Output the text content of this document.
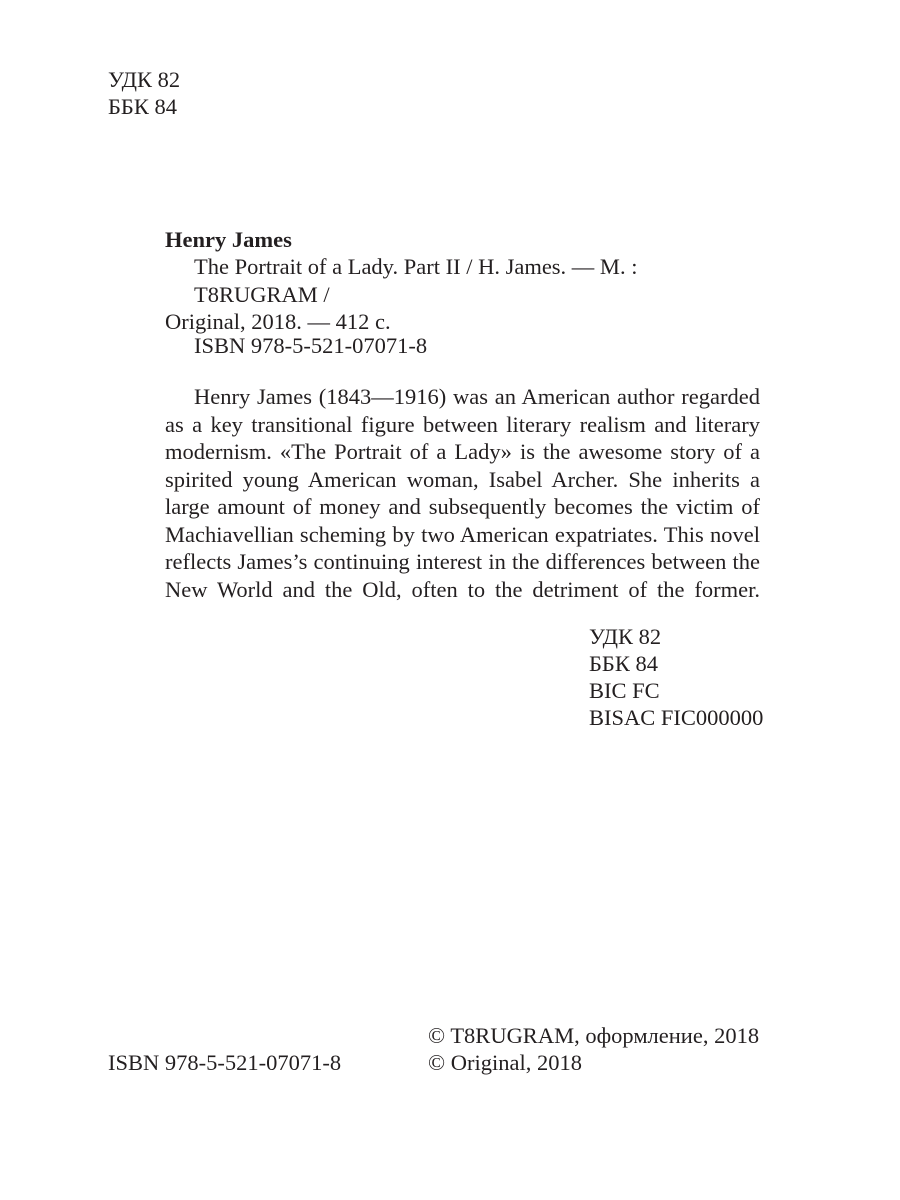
УДК 82
ББК 84
Henry James
The Portrait of a Lady. Part II / H. James. — M. : T8RUGRAM /
Original, 2018. — 412 c.
ISBN 978-5-521-07071-8

Henry James (1843—1916) was an American author regarded as a key transitional figure between literary realism and literary modernism. «The Portrait of a Lady» is the awesome story of a spirited young American woman, Isabel Archer. She inherits a large amount of money and subsequently becomes the victim of Machiavellian scheming by two American expatriates. This novel reflects James’s continuing interest in the differences between the New World and the Old, often to the detriment of the former.

УДК 82
ББК 84
BIC FC
BISAC FIC000000
ISBN 978-5-521-07071-8
© T8RUGRAM, оформление, 2018
© Original, 2018
